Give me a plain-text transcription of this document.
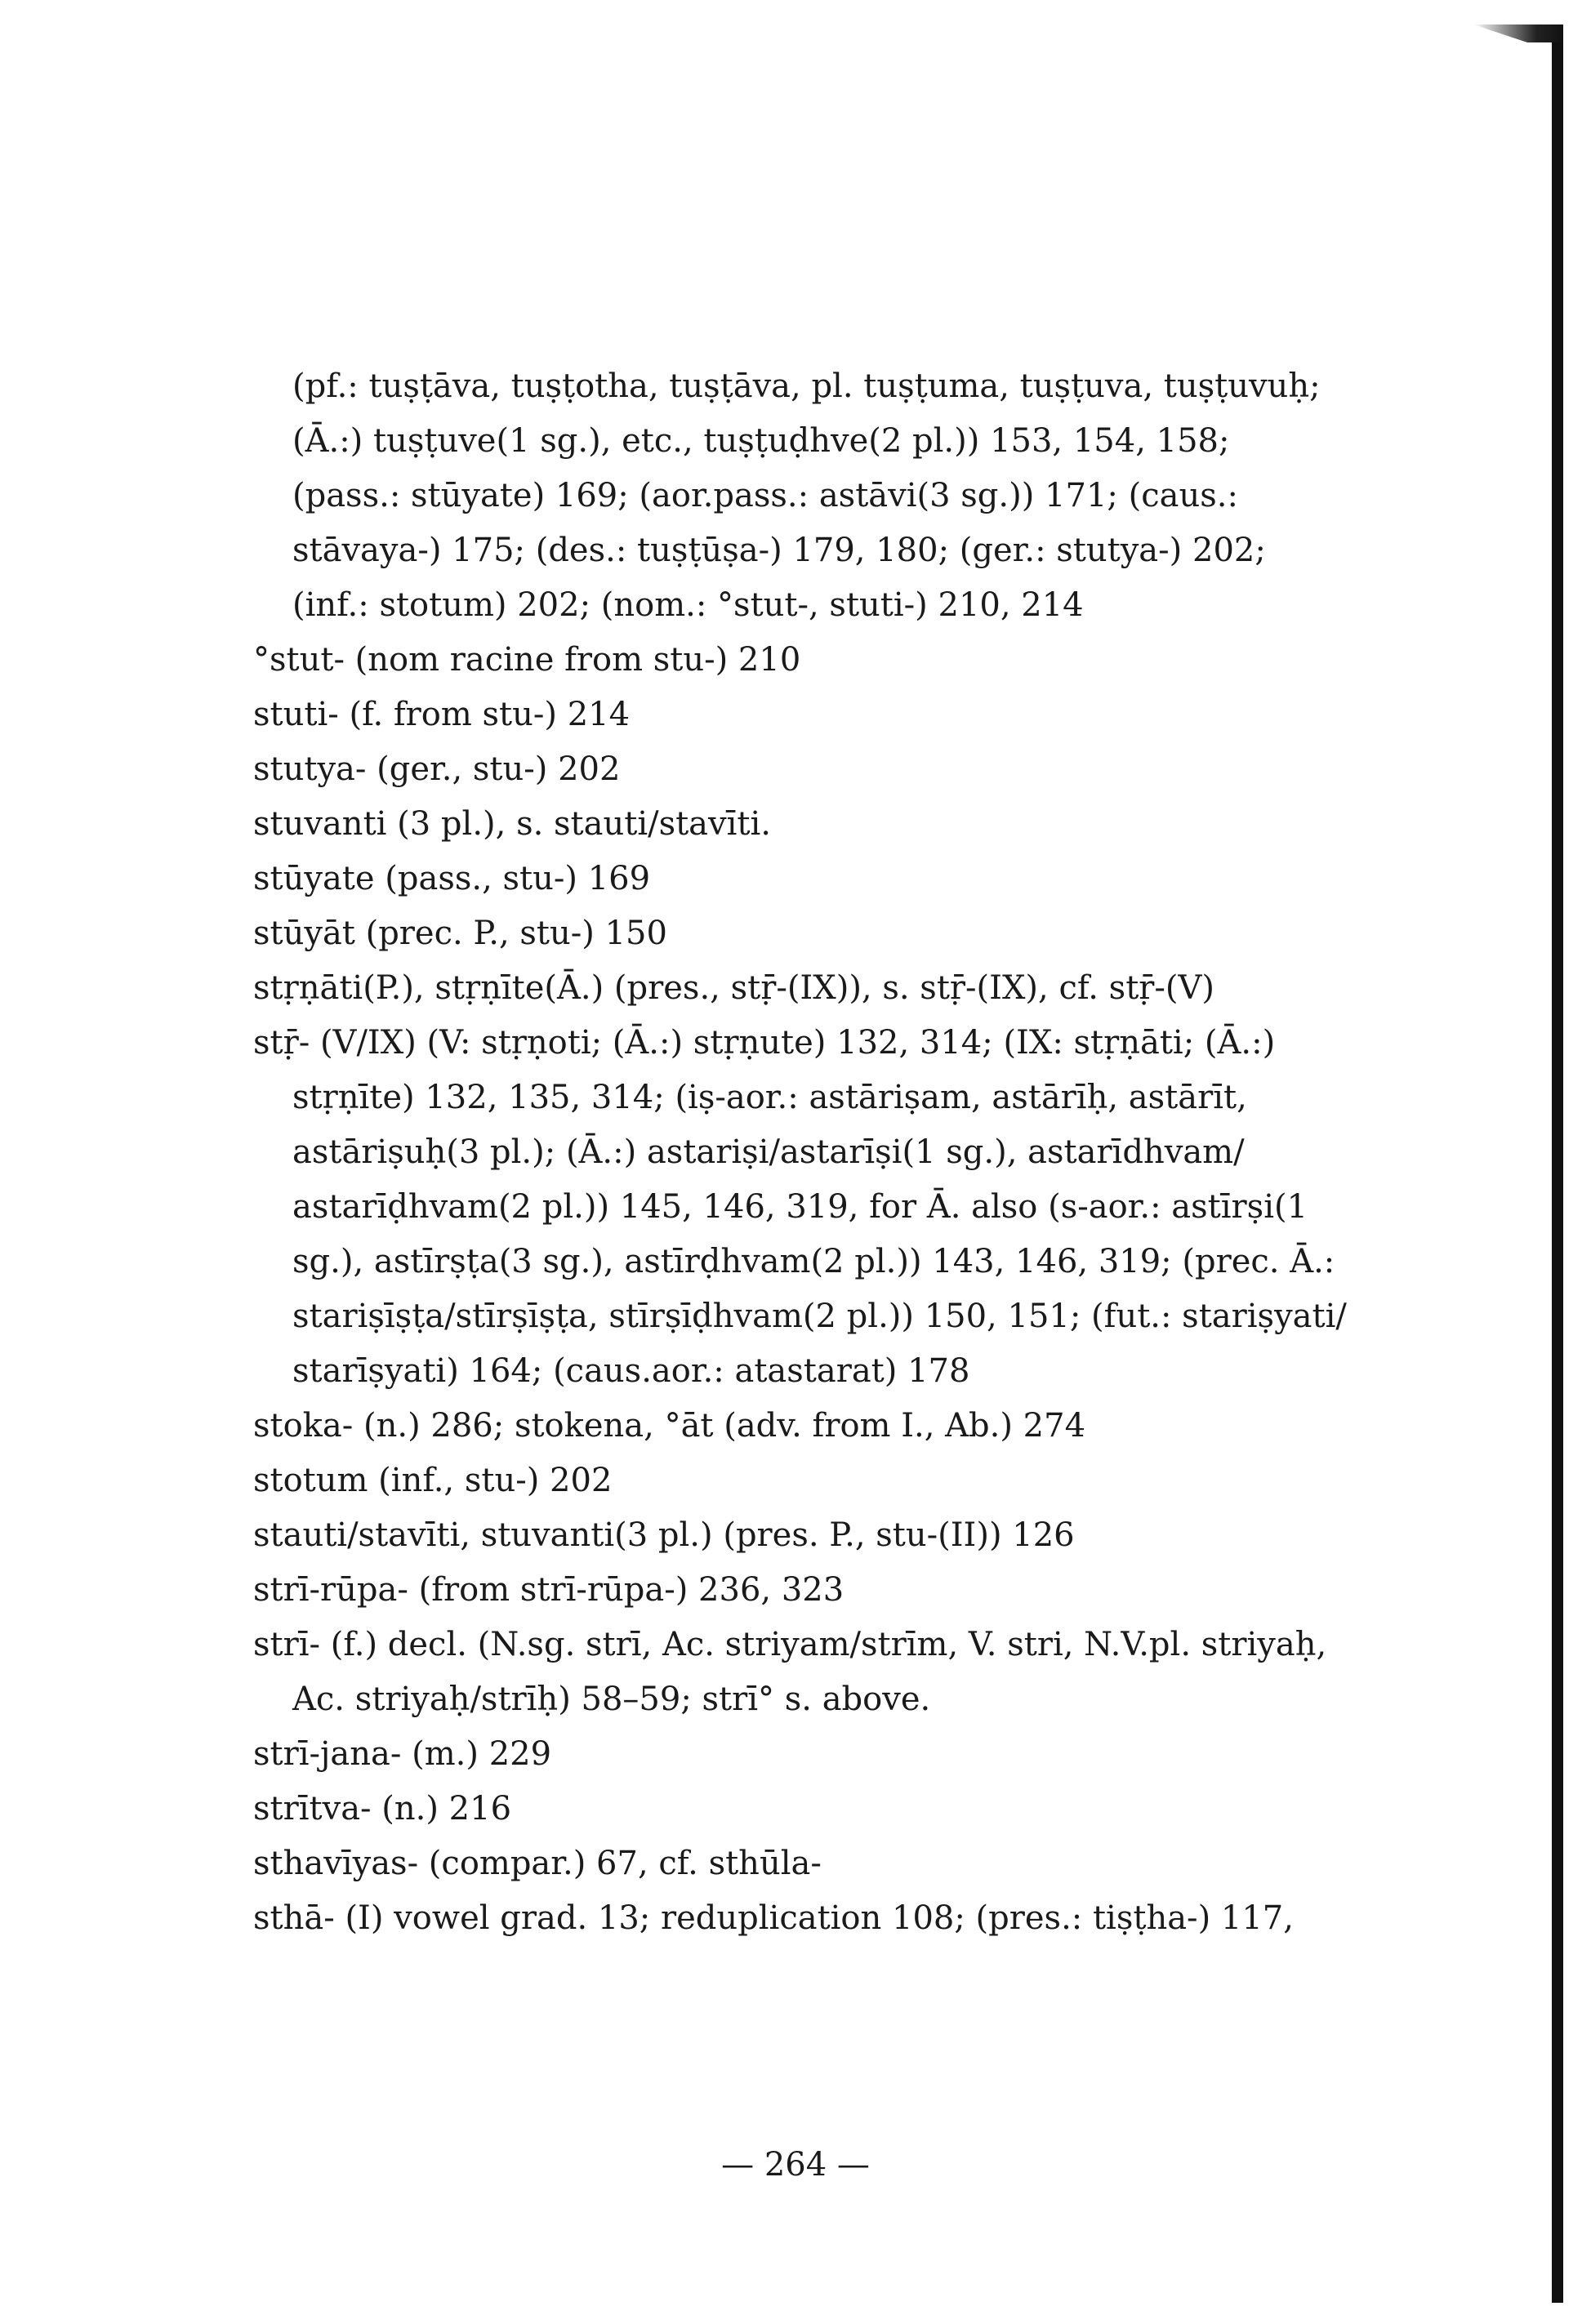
(pf.: tuṣṭāva, tuṣṭotha, tuṣṭāva, pl. tuṣṭuma, tuṣṭuva, tuṣṭuvuḥ; (Ā.:) tuṣṭuve(1 sg.), etc., tuṣṭuḍhve(2 pl.)) 153, 154, 158; (pass.: stūyate) 169; (aor.pass.: astāvi(3 sg.)) 171; (caus.: stāvaya-) 175; (des.: tuṣṭūṣa-) 179, 180; (ger.: stutya-) 202; (inf.: stotum) 202; (nom.: °stut-, stuti-) 210, 214

°stut- (nom racine from stu-) 210

stuti- (f. from stu-) 214

stutya- (ger., stu-) 202

stuvanti (3 pl.), s. stauti/stavīti.

stūyate (pass., stu-) 169

stūyāt (prec. P., stu-) 150

stṛṇāti(P.), stṛṇīte(Ā.) (pres., stṝ-(IX)), s. stṝ-(IX), cf. stṝ-(V)

stṝ- (V/IX) (V: stṛṇoti; (Ā.:) stṛṇute) 132, 314; (IX: stṛṇāti; (Ā.:) stṛṇīte) 132, 135, 314; (iṣ-aor.: astāriṣam, astārīḥ, astārīt, astāriṣuḥ(3 pl.); (Ā.:) astariṣi/astarīṣi(1 sg.), astarīdhvam/ astarīḍhvam(2 pl.)) 145, 146, 319, for Ā. also (s-aor.: astīrṣi(1 sg.), astīrṣṭa(3 sg.), astīrḍhvam(2 pl.)) 143, 146, 319; (prec. Ā.: stariṣīṣṭa/stīrṣīṣṭa, stīrṣīḍhvam(2 pl.)) 150, 151; (fut.: stariṣyati/ starīṣyati) 164; (caus.aor.: atastarat) 178

stoka- (n.) 286; stokena, °āt (adv. from I., Ab.) 274

stotum (inf., stu-) 202

stauti/stavīti, stuvanti(3 pl.) (pres. P., stu-(II)) 126

strī-rūpa- (from strī-rūpa-) 236, 323

strī- (f.) decl. (N.sg. strī, Ac. striyam/strīm, V. stri, N.V.pl. striyaḥ, Ac. striyaḥ/strīḥ) 58–59; strī° s. above.

strī-jana- (m.) 229

strītva- (n.) 216

sthavīyas- (compar.) 67, cf. sthūla-

sthā- (I) vowel grad. 13; reduplication 108; (pres.: tiṣṭha-) 117,

— 264 —
